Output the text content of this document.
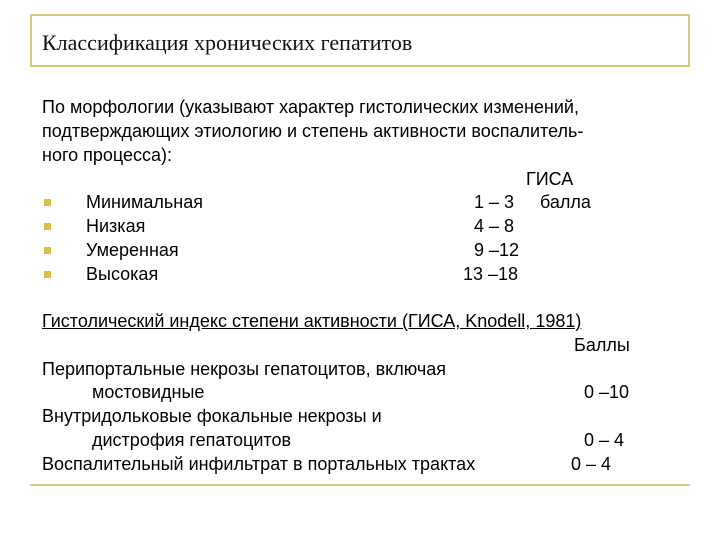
Классификация хронических гепатитов
По морфологии (указывают характер гистолических изменений,
подтверждающих этиологию и степень активности воспалитель-
ного процесса):
ГИСА
Минимальная	1 – 3 балла
Низкая	4 – 8
Умеренная	9 –12
Высокая	13 –18
Гистолический индекс степени активности (ГИСА, Knodell, 1981)
Баллы
Перипортальные некрозы гепатоцитов, включая
мостовидные	0 –10
Внутридольковые фокальные некрозы и
дистрофия гепатоцитов	0 – 4
Воспалительный инфильтрат в портальных трактах	0 – 4
